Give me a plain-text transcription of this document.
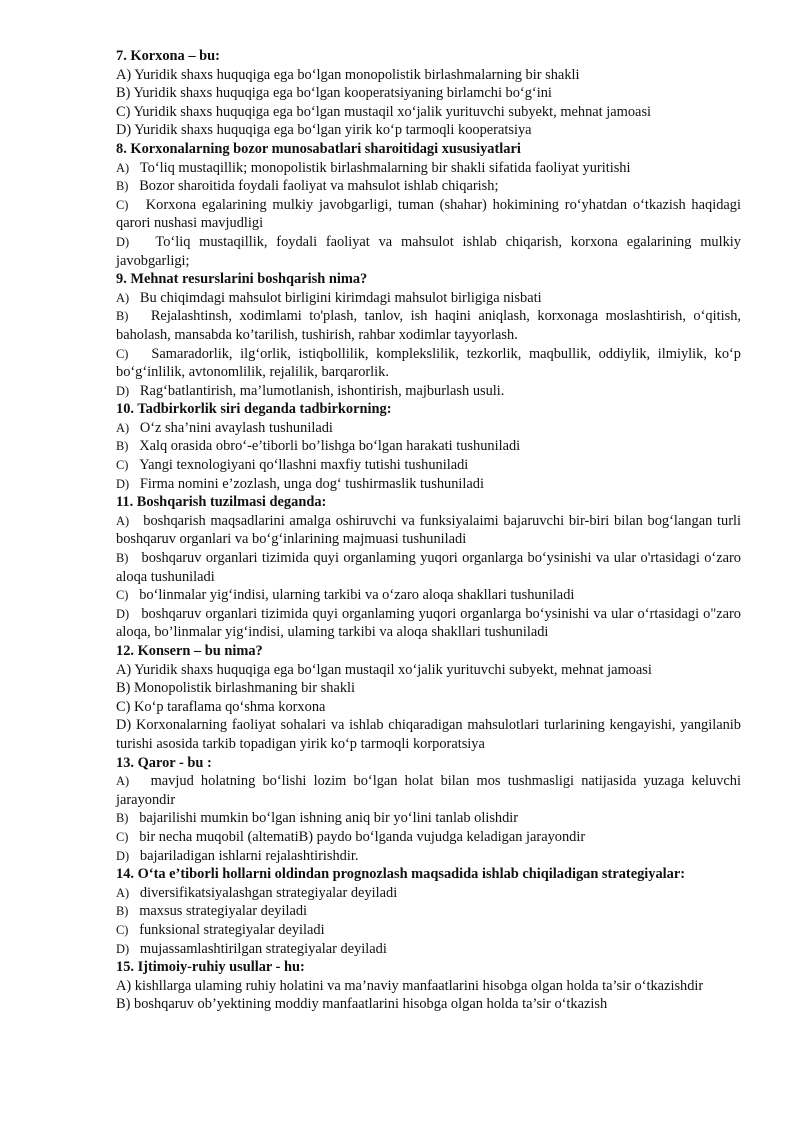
7. Korxona – bu:
A) Yuridik shaxs huquqiga ega bo‘lgan monopolistik birlashmalarning bir shakli
B) Yuridik shaxs huquqiga ega bo‘lgan kooperatsiyaning birlamchi bo‘g‘ini
C) Yuridik shaxs huquqiga ega bo‘lgan mustaqil xo‘jalik yurituvchi subyekt, mehnat jamoasi
D) Yuridik shaxs huquqiga ega bo‘lgan yirik ko‘p tarmoqli kooperatsiya
8. Korxonalarning bozor munosabatlari sharoitidagi xususiyatlari
A) To‘liq mustaqillik; monopolistik birlashmalarning bir shakli sifatida faoliyat yuritishi
B) Bozor sharoitida foydali faoliyat va mahsulot ishlab chiqarish;
C) Korxona egalarining mulkiy javobgarligi, tuman (shahar) hokimining ro‘yhatdan o‘tkazish haqidagi qarori nushasi mavjudligi
D) To‘liq mustaqillik, foydali faoliyat va mahsulot ishlab chiqarish, korxona egalarining mulkiy javobgarligi;
9. Mehnat resurslarini boshqarish nima?
A) Bu chiqimdagi mahsulot birligini kirimdagi mahsulot birligiga nisbati
B) Rejalashtinsh, xodimlami to'plash, tanlov, ish haqini aniqlash, korxonaga moslashtirish, o‘qitish, baholash, mansabda ko’tarilish, tushirish, rahbar xodimlar tayyorlash.
C) Samaradorlik, ilg‘orlik, istiqbollilik, komplekslilik, tezkorlik, maqbullik, oddiylik, ilmiylik, ko‘p bo‘g‘inlilik, avtonomlilik, rejalilik, barqarorlik.
D) Rag‘batlantirish, ma’lumotlanish, ishontirish, majburlash usuli.
10. Tadbirkorlik siri deganda tadbirkorning:
A) O‘z sha’nini avaylash tushuniladi
B) Xalq orasida obro‘-e’tiborli bo’lishga bo‘lgan harakati tushuniladi
C) Yangi texnologiyani qo‘llashni maxfiy tutishi tushuniladi
D) Firma nomini e’zozlash, unga dog‘ tushirmaslik tushuniladi
11. Boshqarish tuzilmasi deganda:
A) boshqarish maqsadlarini amalga oshiruvchi va funksiyalaimi bajaruvchi bir-biri bilan bog‘langan turli boshqaruv organlari va bo‘g‘inlarining majmuasi tushuniladi
B) boshqaruv organlari tizimida quyi organlaming yuqori organlarga bo‘ysinishi va ular o'rtasidagi o‘zaro aloqa tushuniladi
C) bo‘linmalar yig‘indisi, ularning tarkibi va o‘zaro aloqa shakllari tushuniladi
D) boshqaruv organlari tizimida quyi organlaming yuqori organlarga bo‘ysinishi va ular o‘rtasidagi o"zaro aloqa, bo’linmalar yig‘indisi, ulaming tarkibi va aloqa shakllari tushuniladi
12. Konsern – bu nima?
A) Yuridik shaxs huquqiga ega bo‘lgan mustaqil xo‘jalik yurituvchi subyekt, mehnat jamoasi
B) Monopolistik birlashmaning bir shakli
C) Ko‘p taraflama qo‘shma korxona
D) Korxonalarning faoliyat sohalari va ishlab chiqaradigan mahsulotlari turlarining kengayishi, yangilanib turishi asosida tarkib topadigan yirik ko‘p tarmoqli korporatsiya
13. Qaror - bu :
A) mavjud holatning bo‘lishi lozim bo‘lgan holat bilan mos tushmasligi natijasida yuzaga keluvchi jarayondir
B) bajarilishi mumkin bo‘lgan ishning aniq bir yo‘lini tanlab olishdir
C) bir necha muqobil (altematiB) paydo bo‘lganda vujudga keladigan jarayondir
D) bajariladigan ishlarni rejalashtirishdir.
14. O‘ta e’tiborli hollarni oldindan prognozlash maqsadida ishlab chiqiladigan strategiyalar:
A) diversifikatsiyalashgan strategiyalar deyiladi
B) maxsus strategiyalar deyiladi
C) funksional strategiyalar deyiladi
D) mujassamlashtirilgan strategiyalar deyiladi
15. Ijtimoiy-ruhiy usullar - hu:
A) kishllarga ulaming ruhiy holatini va ma’naviy manfaatlarini hisobga olgan holda ta’sir o‘tkazishdir
B) boshqaruv ob’yektining moddiy manfaatlarini hisobga olgan holda ta’sir o‘tkazish
